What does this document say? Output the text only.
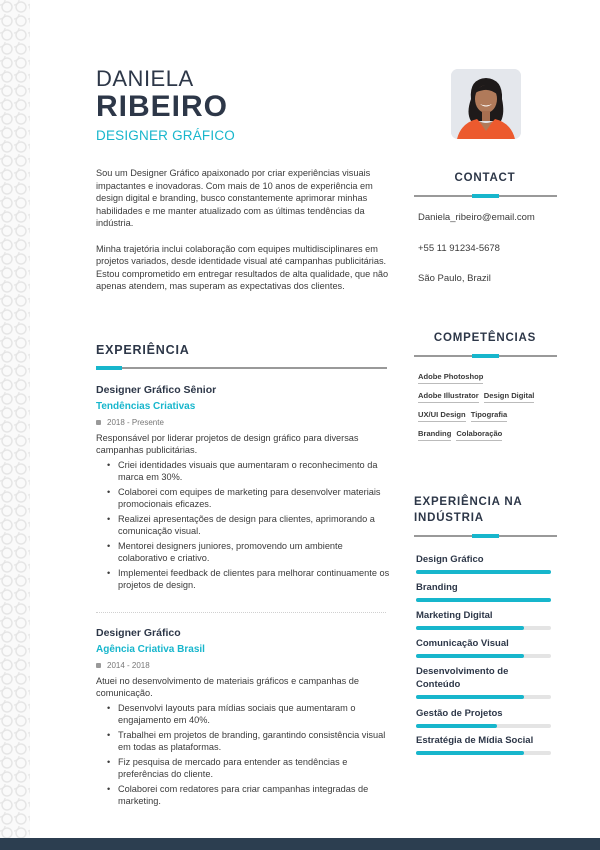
DANIELA
RIBEIRO
DESIGNER GRÁFICO

Sou um Designer Gráfico apaixonado por criar experiências visuais impactantes e inovadoras. Com mais de 10 anos de experiência em design digital e branding, busco constantemente aprimorar minhas habilidades e me manter atualizado com as últimas tendências da indústria.

Minha trajetória inclui colaboração com equipes multidisciplinares em projetos variados, desde identidade visual até campanhas publicitárias. Estou comprometido em entregar resultados de alta qualidade, que não apenas atendem, mas superam as expectativas dos clientes.

EXPERIÊNCIA
Designer Gráfico Sênior
Tendências Criativas
2018 - Presente
Responsável por liderar projetos de design gráfico para diversas campanhas publicitárias.
• Criei identidades visuais que aumentaram o reconhecimento da marca em 30%.
• Colaborei com equipes de marketing para desenvolver materiais promocionais eficazes.
• Realizei apresentações de design para clientes, aprimorando a comunicação visual.
• Mentorei designers juniores, promovendo um ambiente colaborativo e criativo.
• Implementei feedback de clientes para melhorar continuamente os projetos de design.
Designer Gráfico
Agência Criativa Brasil
2014 - 2018
Atuei no desenvolvimento de materiais gráficos e campanhas de comunicação.
• Desenvolvi layouts para mídias sociais que aumentaram o engajamento em 40%.
• Trabalhei em projetos de branding, garantindo consistência visual em todas as plataformas.
• Fiz pesquisa de mercado para entender as tendências e preferências do cliente.
• Colaborei com redatores para criar campanhas integradas de marketing.
CONTACT
Daniela_ribeiro@email.com
+55 11 91234-5678
São Paulo, Brazil
COMPETÊNCIAS
Adobe Photoshop
Adobe Illustrator Design Digital
UX/UI Design Tipografia
Branding Colaboração
EXPERIÊNCIA NA INDÚSTRIA
Design Gráfico
Branding
Marketing Digital
Comunicação Visual
Desenvolvimento de Conteúdo
Gestão de Projetos
Estratégia de Mídia Social
